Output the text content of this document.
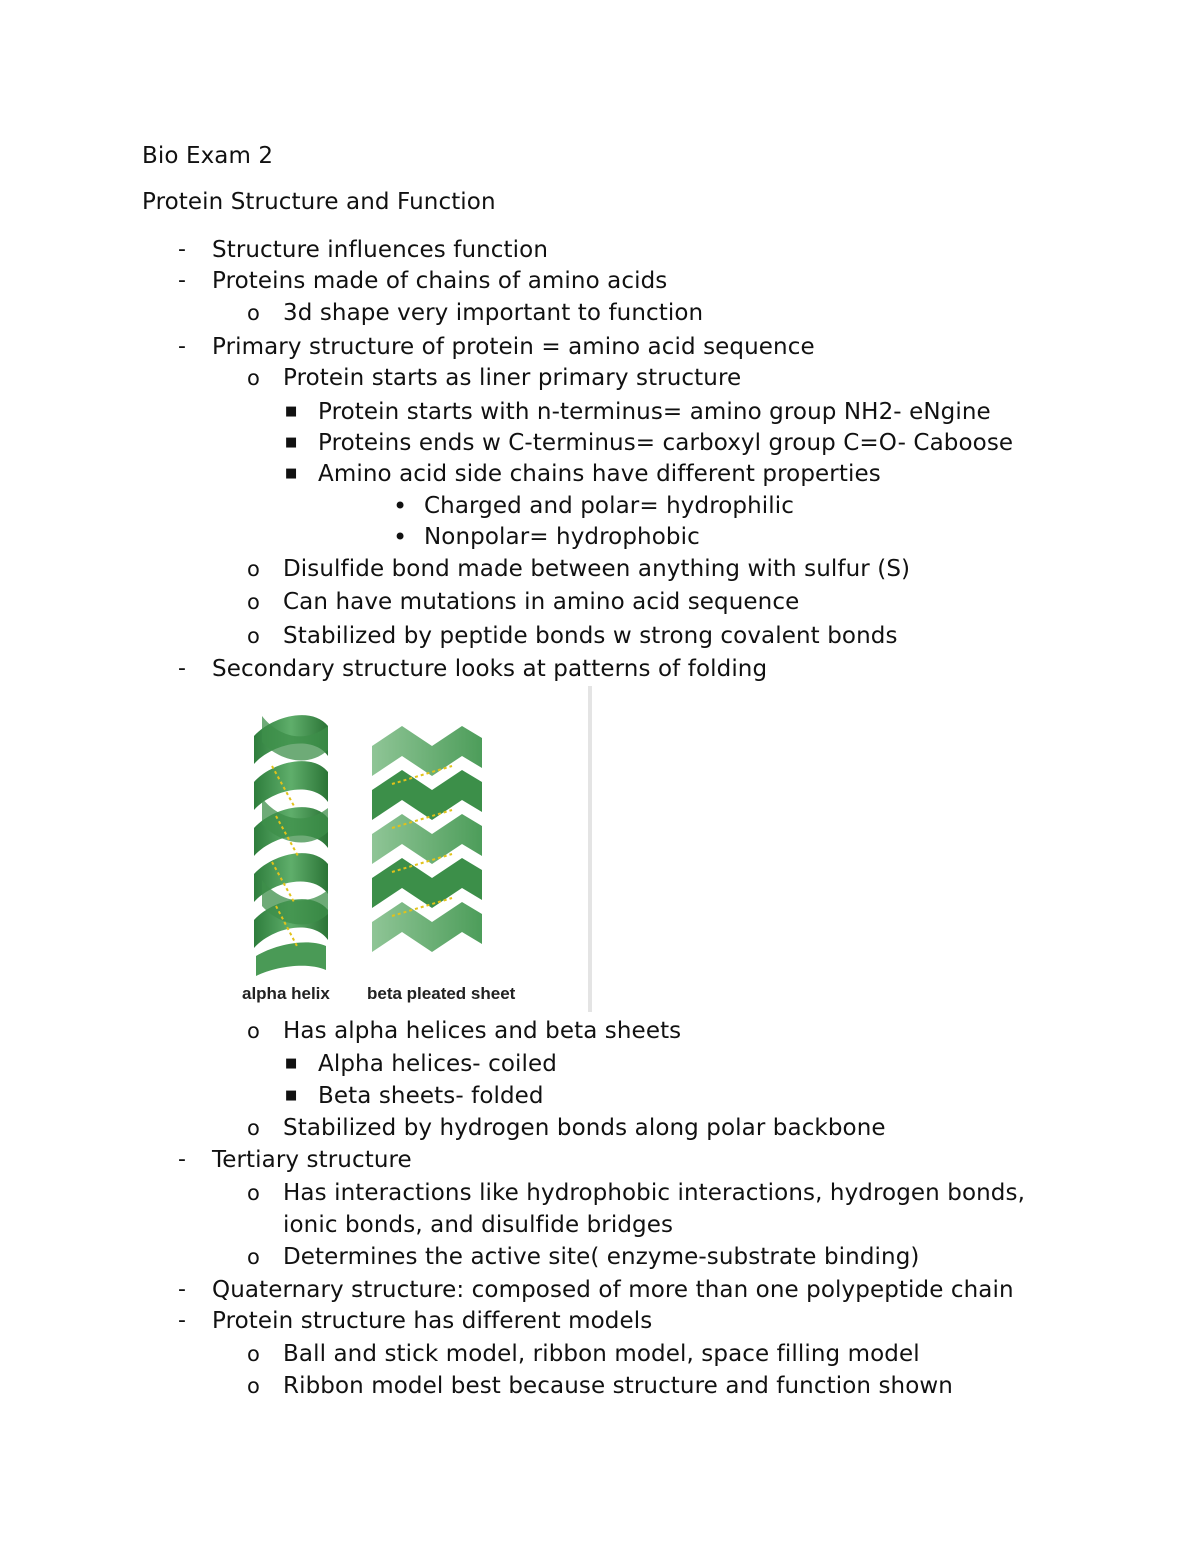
Bio Exam 2
Protein Structure and Function
- Structure influences function
- Proteins made of chains of amino acids
o 3d shape very important to function
- Primary structure of protein = amino acid sequence
o Protein starts as liner primary structure
■ Protein starts with n-terminus= amino group NH2- eNgine
■ Proteins ends w C-terminus= carboxyl group C=O- Caboose
■ Amino acid side chains have different properties
• Charged and polar= hydrophilic
• Nonpolar= hydrophobic
o Disulfide bond made between anything with sulfur (S)
o Can have mutations in amino acid sequence
o Stabilized by peptide bonds w strong covalent bonds
- Secondary structure looks at patterns of folding
alpha helix beta pleated sheet
o Has alpha helices and beta sheets
■ Alpha helices- coiled
■ Beta sheets- folded
o Stabilized by hydrogen bonds along polar backbone
- Tertiary structure
o Has interactions like hydrophobic interactions, hydrogen bonds,
ionic bonds, and disulfide bridges
o Determines the active site( enzyme-substrate binding)
- Quaternary structure: composed of more than one polypeptide chain
- Protein structure has different models
o Ball and stick model, ribbon model, space filling model
o Ribbon model best because structure and function shown
